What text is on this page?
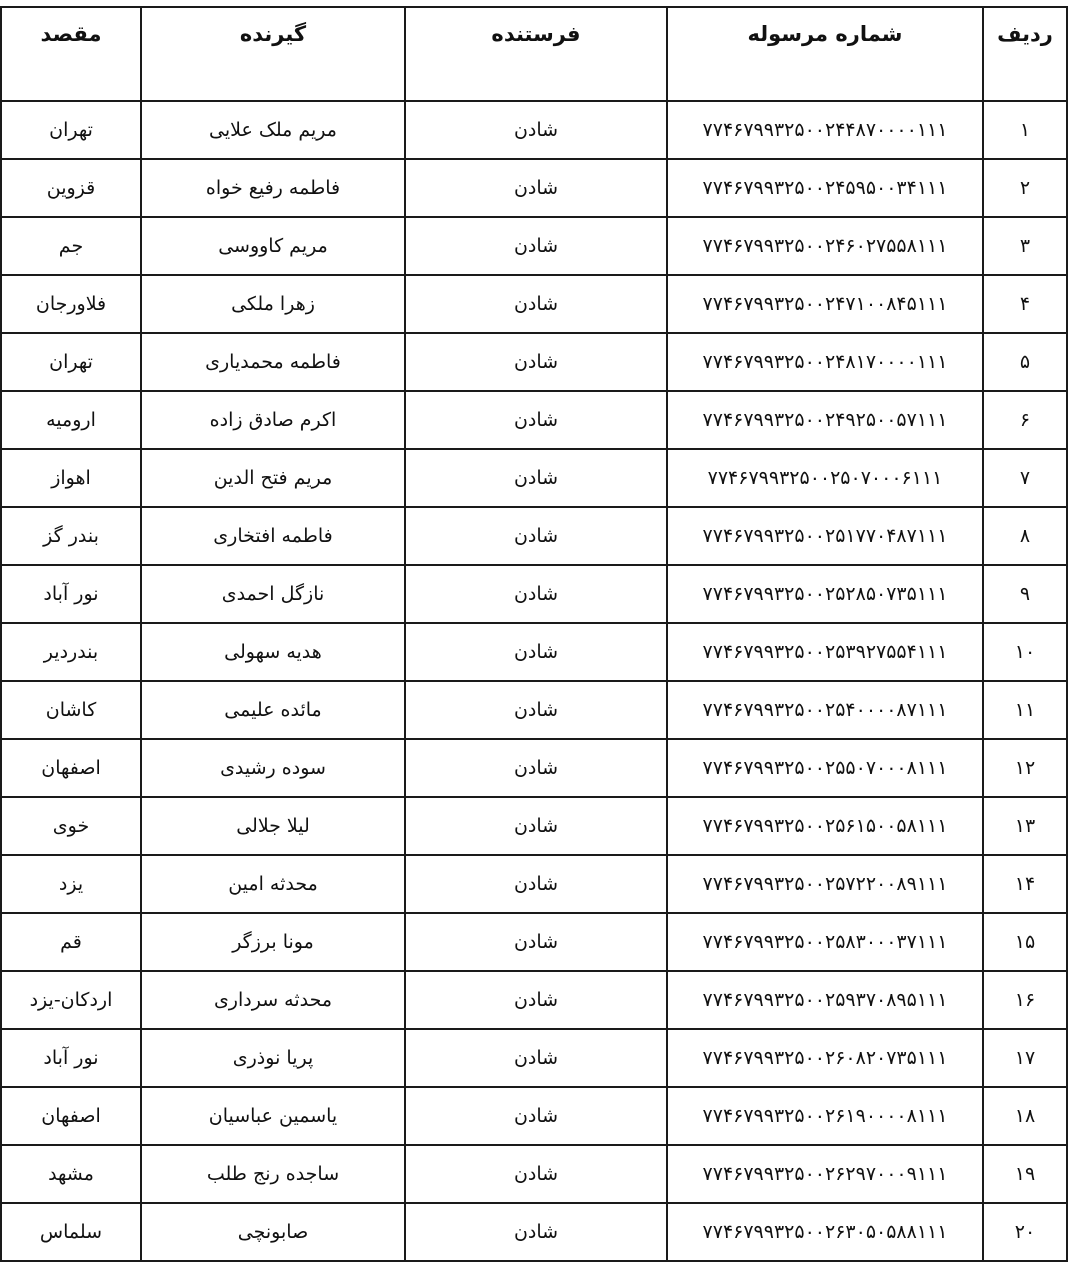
ردیف	شماره مرسوله	فرستنده	گیرنده	مقصد
۱	۷۷۴۶۷۹۹۳۲۵۰۰۲۴۴۸۷۰۰۰۰۱۱۱	شادن	مریم ملک علایی	تهران
۲	۷۷۴۶۷۹۹۳۲۵۰۰۲۴۵۹۵۰۰۳۴۱۱۱	شادن	فاطمه رفیع خواه	قزوین
۳	۷۷۴۶۷۹۹۳۲۵۰۰۲۴۶۰۲۷۵۵۸۱۱۱	شادن	مریم کاووسی	جم
۴	۷۷۴۶۷۹۹۳۲۵۰۰۲۴۷۱۰۰۸۴۵۱۱۱	شادن	زهرا ملکی	فلاورجان
۵	۷۷۴۶۷۹۹۳۲۵۰۰۲۴۸۱۷۰۰۰۰۱۱۱	شادن	فاطمه محمدیاری	تهران
۶	۷۷۴۶۷۹۹۳۲۵۰۰۲۴۹۲۵۰۰۵۷۱۱۱	شادن	اکرم صادق زاده	ارومیه
۷	۷۷۴۶۷۹۹۳۲۵۰۰۲۵۰۷۰۰۰۶۱۱۱	شادن	مریم فتح الدین	اهواز
۸	۷۷۴۶۷۹۹۳۲۵۰۰۲۵۱۷۷۰۴۸۷۱۱۱	شادن	فاطمه افتخاری	بندر گز
۹	۷۷۴۶۷۹۹۳۲۵۰۰۲۵۲۸۵۰۷۳۵۱۱۱	شادن	نازگل احمدی	نور آباد
۱۰	۷۷۴۶۷۹۹۳۲۵۰۰۲۵۳۹۲۷۵۵۴۱۱۱	شادن	هدیه سهولی	بندردیر
۱۱	۷۷۴۶۷۹۹۳۲۵۰۰۲۵۴۰۰۰۰۸۷۱۱۱	شادن	مائده علیمی	کاشان
۱۲	۷۷۴۶۷۹۹۳۲۵۰۰۲۵۵۰۷۰۰۰۸۱۱۱	شادن	سوده رشیدی	اصفهان
۱۳	۷۷۴۶۷۹۹۳۲۵۰۰۲۵۶۱۵۰۰۵۸۱۱۱	شادن	لیلا جلالی	خوی
۱۴	۷۷۴۶۷۹۹۳۲۵۰۰۲۵۷۲۲۰۰۸۹۱۱۱	شادن	محدثه امین	یزد
۱۵	۷۷۴۶۷۹۹۳۲۵۰۰۲۵۸۳۰۰۰۳۷۱۱۱	شادن	مونا برزگر	قم
۱۶	۷۷۴۶۷۹۹۳۲۵۰۰۲۵۹۳۷۰۸۹۵۱۱۱	شادن	محدثه سرداری	اردکان-یزد
۱۷	۷۷۴۶۷۹۹۳۲۵۰۰۲۶۰۸۲۰۷۳۵۱۱۱	شادن	پریا نوذری	نور آباد
۱۸	۷۷۴۶۷۹۹۳۲۵۰۰۲۶۱۹۰۰۰۰۸۱۱۱	شادن	یاسمین عباسیان	اصفهان
۱۹	۷۷۴۶۷۹۹۳۲۵۰۰۲۶۲۹۷۰۰۰۹۱۱۱	شادن	ساجده رنج طلب	مشهد
۲۰	۷۷۴۶۷۹۹۳۲۵۰۰۲۶۳۰۵۰۵۸۸۱۱۱	شادن	صابونچی	سلماس
